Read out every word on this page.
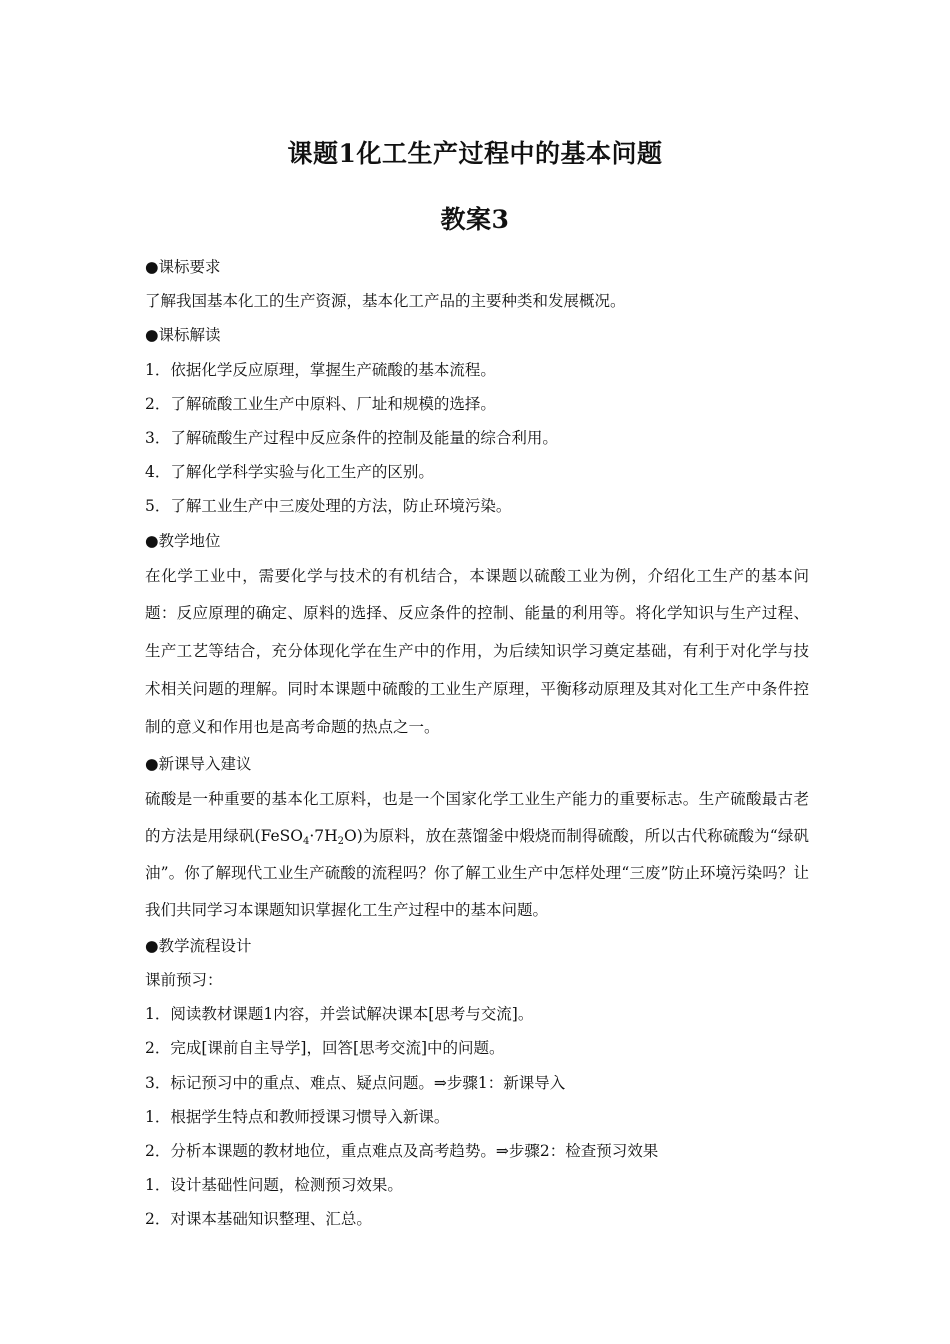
课题1化工生产过程中的基本问题
教案3
●课标要求
了解我国基本化工的生产资源，基本化工产品的主要种类和发展概况。
●课标解读
1．依据化学反应原理，掌握生产硫酸的基本流程。
2．了解硫酸工业生产中原料、厂址和规模的选择。
3．了解硫酸生产过程中反应条件的控制及能量的综合利用。
4．了解化学科学实验与化工生产的区别。
5．了解工业生产中三废处理的方法，防止环境污染。
●教学地位
在化学工业中，需要化学与技术的有机结合，本课题以硫酸工业为例，介绍化工生产的基本问题：反应原理的确定、原料的选择、反应条件的控制、能量的利用等。将化学知识与生产过程、生产工艺等结合，充分体现化学在生产中的作用，为后续知识学习奠定基础，有利于对化学与技术相关问题的理解。同时本课题中硫酸的工业生产原理，平衡移动原理及其对化工生产中条件控制的意义和作用也是高考命题的热点之一。
●新课导入建议
硫酸是一种重要的基本化工原料，也是一个国家化学工业生产能力的重要标志。生产硫酸最古老的方法是用绿矾$(FeSO_4\cdot 7H_2O)$为原料，放在蒸馏釜中煅烧而制得硫酸，所以古代称硫酸为“绿矾油”。你了解现代工业生产硫酸的流程吗？你了解工业生产中怎样处理“三废”防止环境污染吗？让我们共同学习本课题知识掌握化工生产过程中的基本问题。
●教学流程设计
课前预习：
1．阅读教材课题1内容，并尝试解决课本[思考与交流]。
2．完成[课前自主导学]，回答[思考交流]中的问题。
3．标记预习中的重点、难点、疑点问题。⇒步骤1：新课导入
1．根据学生特点和教师授课习惯导入新课。
2．分析本课题的教材地位，重点难点及高考趋势。⇒步骤2：检查预习效果
1．设计基础性问题，检测预习效果。
2．对课本基础知识整理、汇总。
